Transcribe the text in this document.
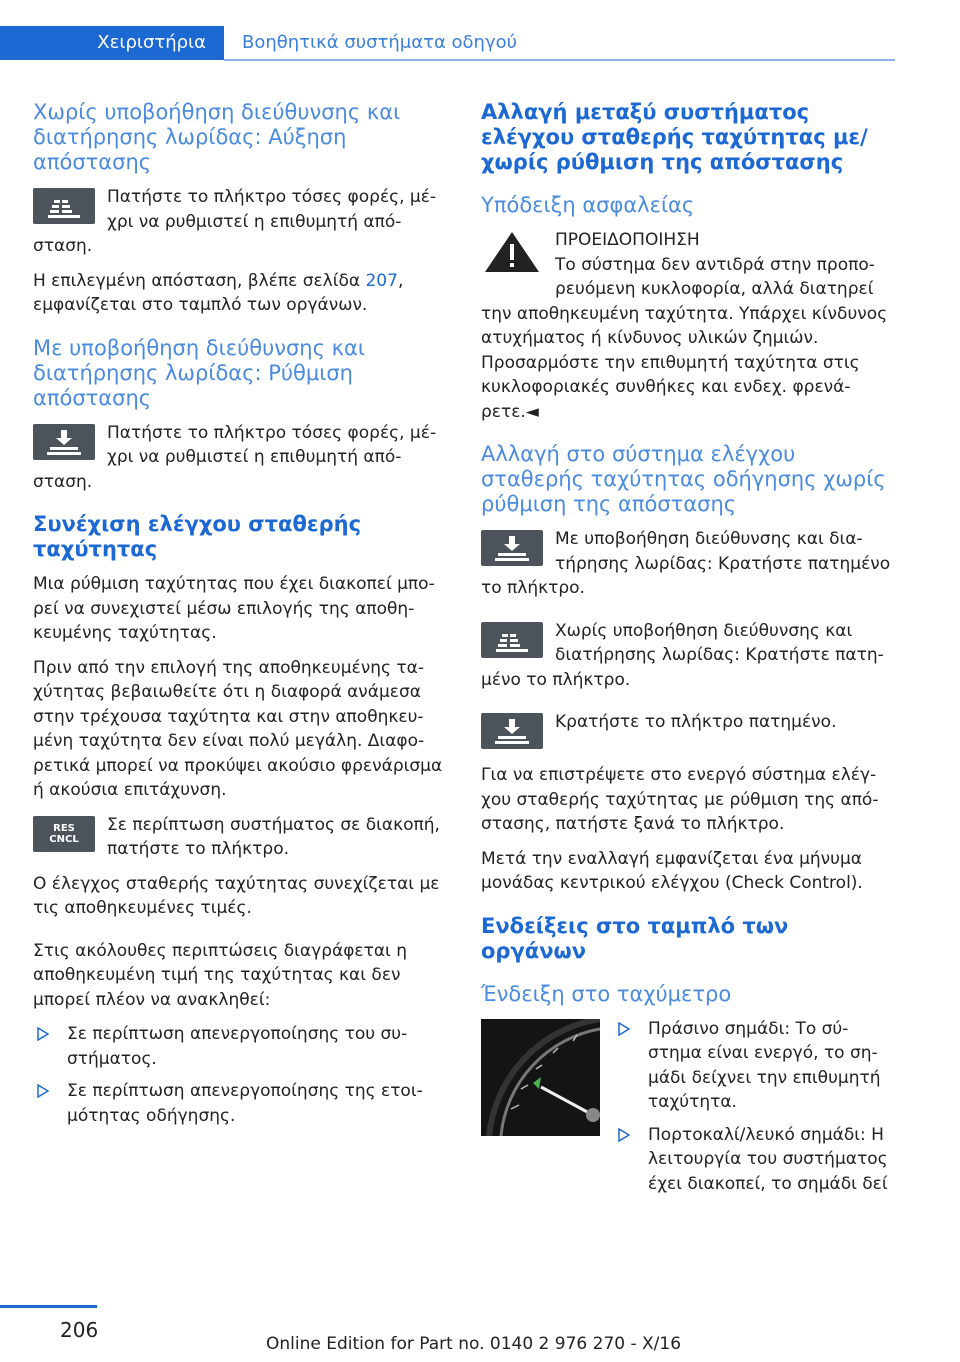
Χειριστήρια	Βοηθητικά συστήματα οδηγού
Χωρίς υποβοήθηση διεύθυνσης και διατήρησης λωρίδας: Αύξηση απόστασης
Πατήστε το πλήκτρο τόσες φορές, μέχρι να ρυθμιστεί η επιθυμητή απόσταση.

Η επιλεγμένη απόσταση, βλέπε σελίδα 207, εμφανίζεται στο ταμπλό των οργάνων.

Με υποβοήθηση διεύθυνσης και διατήρησης λωρίδας: Ρύθμιση απόστασης
Πατήστε το πλήκτρο τόσες φορές, μέχρι να ρυθμιστεί η επιθυμητή απόσταση.
Συνέχιση ελέγχου σταθερής ταχύτητας

Μια ρύθμιση ταχύτητας που έχει διακοπεί μπορεί να συνεχιστεί μέσω επιλογής της αποθηκευμένης ταχύτητας.

Πριν από την επιλογή της αποθηκευμένης ταχύτητας βεβαιωθείτε ότι η διαφορά ανάμεσα στην τρέχουσα ταχύτητα και στην αποθηκευμένη ταχύτητα δεν είναι πολύ μεγάλη. Διαφορετικά μπορεί να προκύψει ακούσιο φρενάρισμα ή ακούσια επιτάχυνση.

RES
CNCL
Σε περίπτωση συστήματος σε διακοπή, πατήστε το πλήκτρο.

Ο έλεγχος σταθερής ταχύτητας συνεχίζεται με τις αποθηκευμένες τιμές.

Στις ακόλουθες περιπτώσεις διαγράφεται η αποθηκευμένη τιμή της ταχύτητας και δεν μπορεί πλέον να ανακληθεί:

Σε περίπτωση απενεργοποίησης του συστήματος.
Σε περίπτωση απενεργοποίησης της ετοιμότητας οδήγησης.
Αλλαγή μεταξύ συστήματος ελέγχου σταθερής ταχύτητας με/χωρίς ρύθμιση της απόστασης
Υπόδειξη ασφαλείας
ΠΡΟΕΙΔΟΠΟΙΗΣΗ
Το σύστημα δεν αντιδρά στην προπορευόμενη κυκλοφορία, αλλά διατηρεί την αποθηκευμένη ταχύτητα. Υπάρχει κίνδυνος ατυχήματος ή κίνδυνος υλικών ζημιών. Προσαρμόστε την επιθυμητή ταχύτητα στις κυκλοφοριακές συνθήκες και ενδεχ. φρενάρετε.◄
Αλλαγή στο σύστημα ελέγχου σταθερής ταχύτητας οδήγησης χωρίς ρύθμιση της απόστασης
Με υποβοήθηση διεύθυνσης και διατήρησης λωρίδας: Κρατήστε πατημένο το πλήκτρο.
Χωρίς υποβοήθηση διεύθυνσης και διατήρησης λωρίδας: Κρατήστε πατημένο το πλήκτρο.
Κρατήστε το πλήκτρο πατημένο.

Για να επιστρέψετε στο ενεργό σύστημα ελέγχου σταθερής ταχύτητας με ρύθμιση της απόστασης, πατήστε ξανά το πλήκτρο.

Μετά την εναλλαγή εμφανίζεται ένα μήνυμα μονάδας κεντρικού ελέγχου (Check Control).

Ενδείξεις στο ταμπλό των οργάνων
Ένδειξη στο ταχύμετρο
Πράσινο σημάδι: Το σύστημα είναι ενεργό, το σημάδι δείχνει την επιθυμητή ταχύτητα.
Πορτοκαλί/λευκό σημάδι: Η λειτουργία του συστήματος έχει διακοπεί, το σημάδι δεί
206
Online Edition for Part no. 0140 2 976 270 - X/16
